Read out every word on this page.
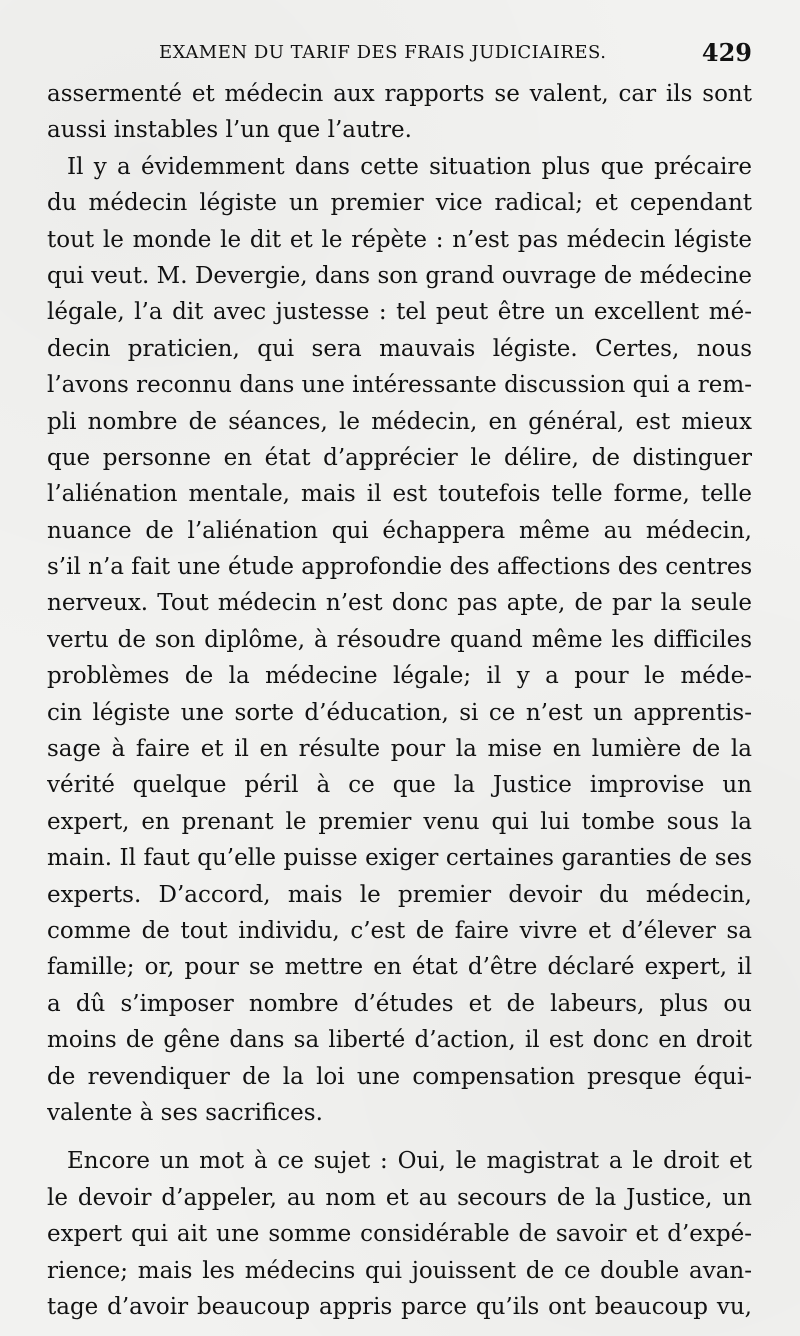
EXAMEN DU TARIF DES FRAIS JUDICIAIRES.	429
assermenté et médecin aux rapports se valent, car ils sont
aussi instables l’un que l’autre.
Il y a évidemment dans cette situation plus que précaire
du médecin légiste un premier vice radical; et cependant
tout le monde le dit et le répète : n’est pas médecin légiste
qui veut. M. Devergie, dans son grand ouvrage de médecine
légale, l’a dit avec justesse : tel peut être un excellent mé-
decin praticien, qui sera mauvais légiste. Certes, nous
l’avons reconnu dans une intéressante discussion qui a rem-
pli nombre de séances, le médecin, en général, est mieux
que personne en état d’apprécier le délire, de distinguer
l’aliénation mentale, mais il est toutefois telle forme, telle
nuance de l’aliénation qui échappera même au médecin,
s’il n’a fait une étude approfondie des affections des centres
nerveux. Tout médecin n’est donc pas apte, de par la seule
vertu de son diplôme, à résoudre quand même les difficiles
problèmes de la médecine légale; il y a pour le méde-
cin légiste une sorte d’éducation, si ce n’est un apprentis-
sage à faire et il en résulte pour la mise en lumière de la
vérité quelque péril à ce que la Justice improvise un
expert, en prenant le premier venu qui lui tombe sous la
main. Il faut qu’elle puisse exiger certaines garanties de ses
experts. D’accord, mais le premier devoir du médecin,
comme de tout individu, c’est de faire vivre et d’élever sa
famille; or, pour se mettre en état d’être déclaré expert, il
a dû s’imposer nombre d’études et de labeurs, plus ou
moins de gêne dans sa liberté d’action, il est donc en droit
de revendiquer de la loi une compensation presque équi-
valente à ses sacrifices.
Encore un mot à ce sujet : Oui, le magistrat a le droit et
le devoir d’appeler, au nom et au secours de la Justice, un
expert qui ait une somme considérable de savoir et d’expé-
rience; mais les médecins qui jouissent de ce double avan-
tage d’avoir beaucoup appris parce qu’ils ont beaucoup vu,
